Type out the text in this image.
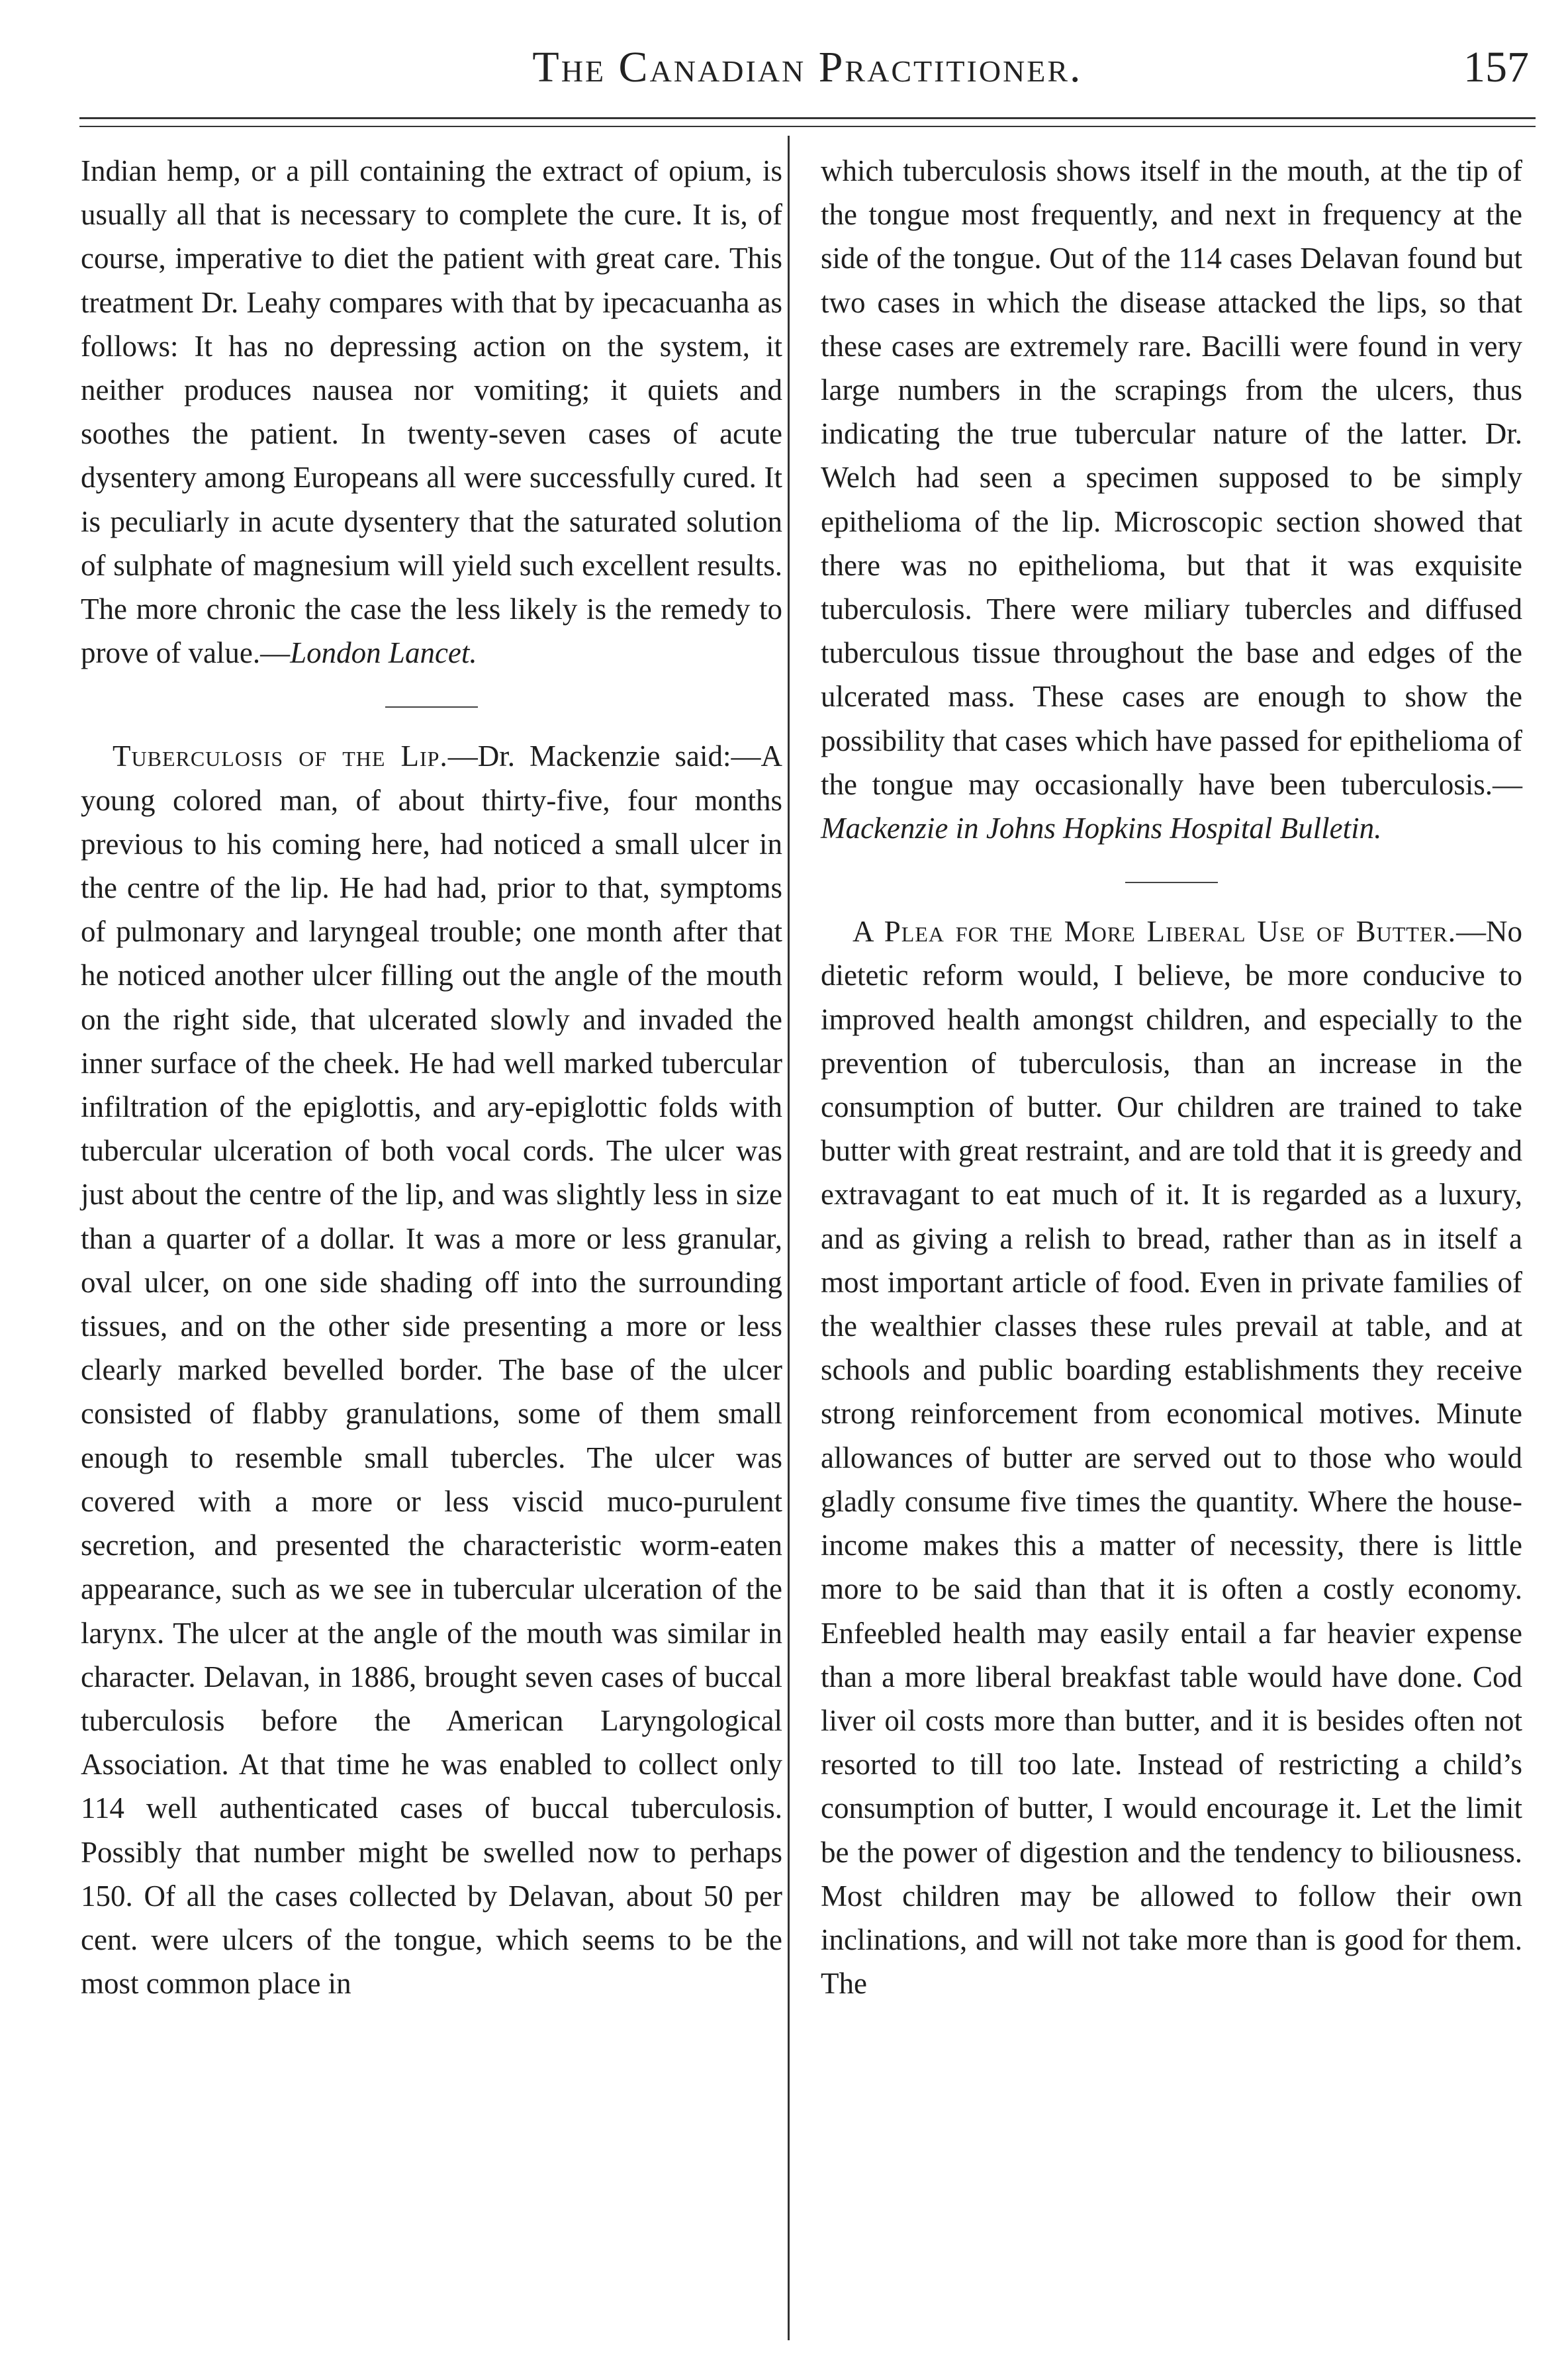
The Canadian Practitioner.	157

Indian hemp, or a pill containing the extract of opium, is usually all that is necessary to complete the cure. It is, of course, imperative to diet the patient with great care. This treatment Dr. Leahy compares with that by ipecacuanha as follows: It has no depressing action on the system, it neither produces nausea nor vomiting; it quiets and soothes the patient. In twenty-seven cases of acute dysentery among Europeans all were successfully cured. It is peculiarly in acute dysentery that the saturated solution of sulphate of magnesium will yield such excellent results. The more chronic the case the less likely is the remedy to prove of value.—London Lancet.

Tuberculosis of the Lip.—Dr. Mackenzie said:—A young colored man, of about thirty-five, four months previous to his coming here, had noticed a small ulcer in the centre of the lip. He had had, prior to that, symptoms of pulmonary and laryngeal trouble; one month after that he noticed another ulcer filling out the angle of the mouth on the right side, that ulcerated slowly and invaded the inner surface of the cheek. He had well marked tubercular infiltration of the epiglottis, and ary-epiglottic folds with tubercular ulceration of both vocal cords. The ulcer was just about the centre of the lip, and was slightly less in size than a quarter of a dollar. It was a more or less granular, oval ulcer, on one side shading off into the surrounding tissues, and on the other side presenting a more or less clearly marked bevelled border. The base of the ulcer consisted of flabby granulations, some of them small enough to resemble small tubercles. The ulcer was covered with a more or less viscid muco-purulent secretion, and presented the characteristic worm-eaten appearance, such as we see in tubercular ulceration of the larynx. The ulcer at the angle of the mouth was similar in character. Delavan, in 1886, brought seven cases of buccal tuberculosis before the American Laryngological Association. At that time he was enabled to collect only 114 well authenticated cases of buccal tuberculosis. Possibly that number might be swelled now to perhaps 150. Of all the cases collected by Delavan, about 50 per cent. were ulcers of the tongue, which seems to be the most common place in

which tuberculosis shows itself in the mouth, at the tip of the tongue most frequently, and next in frequency at the side of the tongue. Out of the 114 cases Delavan found but two cases in which the disease attacked the lips, so that these cases are extremely rare. Bacilli were found in very large numbers in the scrapings from the ulcers, thus indicating the true tubercular nature of the latter. Dr. Welch had seen a specimen supposed to be simply epithelioma of the lip. Microscopic section showed that there was no epithelioma, but that it was exquisite tuberculosis. There were miliary tubercles and diffused tuberculous tissue throughout the base and edges of the ulcerated mass. These cases are enough to show the possibility that cases which have passed for epithelioma of the tongue may occasionally have been tuberculosis.—Mackenzie in Johns Hopkins Hospital Bulletin.

A Plea for the More Liberal Use of Butter.—No dietetic reform would, I believe, be more conducive to improved health amongst children, and especially to the prevention of tuberculosis, than an increase in the consumption of butter. Our children are trained to take butter with great restraint, and are told that it is greedy and extravagant to eat much of it. It is regarded as a luxury, and as giving a relish to bread, rather than as in itself a most important article of food. Even in private families of the wealthier classes these rules prevail at table, and at schools and public boarding establishments they receive strong reinforcement from economical motives. Minute allowances of butter are served out to those who would gladly consume five times the quantity. Where the house-income makes this a matter of necessity, there is little more to be said than that it is often a costly economy. Enfeebled health may easily entail a far heavier expense than a more liberal breakfast table would have done. Cod liver oil costs more than butter, and it is besides often not resorted to till too late. Instead of restricting a child’s consumption of butter, I would encourage it. Let the limit be the power of digestion and the tendency to biliousness. Most children may be allowed to follow their own inclinations, and will not take more than is good for them. The
